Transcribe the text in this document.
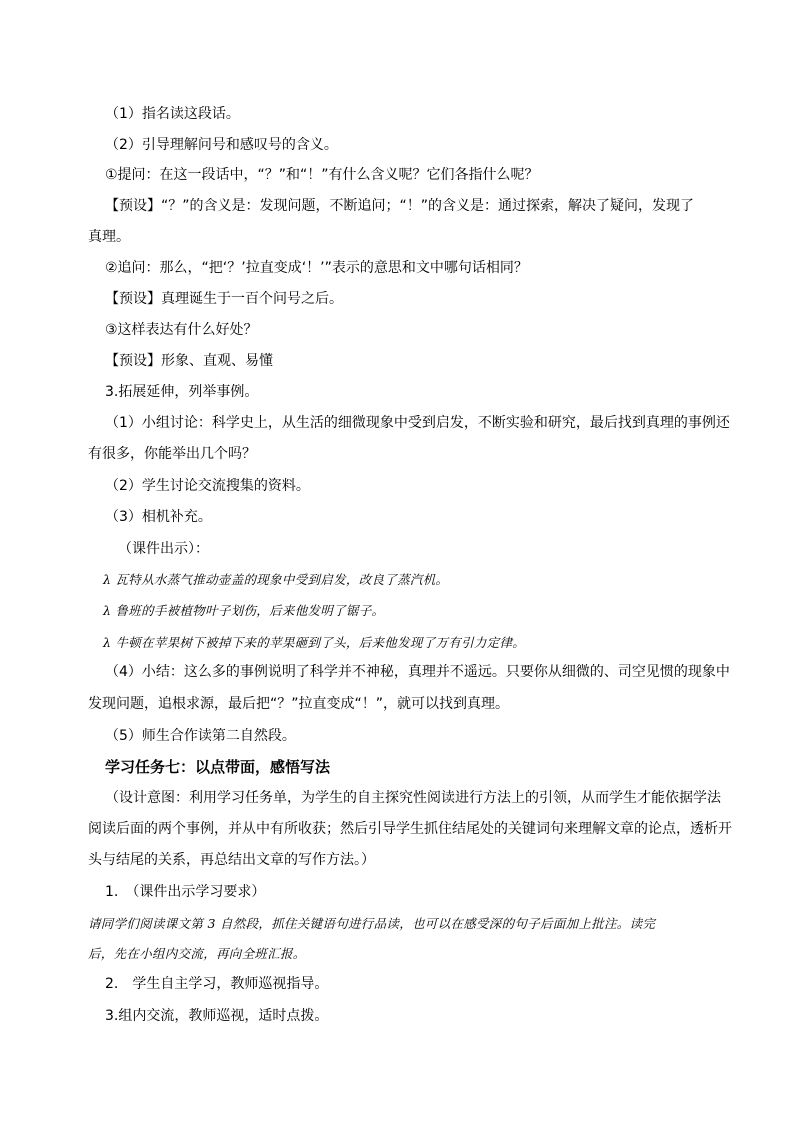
（1）指名读这段话。
（2）引导理解问号和感叹号的含义。
①提问：在这一段话中，“？”和“！”有什么含义呢？它们各指什么呢？
【预设】“？”的含义是：发现问题，不断追问；“！”的含义是：通过探索，解决了疑问，发现了
真理。
②追问：那么，“把‘？’拉直变成‘！’”表示的意思和文中哪句话相同？
【预设】真理诞生于一百个问号之后。
③这样表达有什么好处？
【预设】形象、直观、易懂
3.拓展延伸，列举事例。
（1）小组讨论：科学史上，从生活的细微现象中受到启发，不断实验和研究，最后找到真理的事例还
有很多，你能举出几个吗？
（2）学生讨论交流搜集的资料。
（3）相机补充。
（课件出示）：
λ 瓦特从水蒸气推动壶盖的现象中受到启发，改良了蒸汽机。
λ 鲁班的手被植物叶子划伤，后来他发明了锯子。
λ 牛顿在苹果树下被掉下来的苹果砸到了头，后来他发现了万有引力定律。
（4）小结：这么多的事例说明了科学并不神秘，真理并不遥远。只要你从细微的、司空见惯的现象中
发现问题，追根求源，最后把“？”拉直变成“！”，就可以找到真理。
（5）师生合作读第二自然段。
学习任务七：以点带面，感悟写法
（设计意图：利用学习任务单，为学生的自主探究性阅读进行方法上的引领，从而学生才能依据学法
阅读后面的两个事例，并从中有所收获；然后引导学生抓住结尾处的关键词句来理解文章的论点，透析开
头与结尾的关系，再总结出文章的写作方法。）
1.　（课件出示学习要求）
请同学们阅读课文第 3 自然段，抓住关键语句进行品读，也可以在感受深的句子后面加上批注。读完
后，先在小组内交流，再向全班汇报。
2.　学生自主学习，教师巡视指导。
3.组内交流，教师巡视，适时点拨。
